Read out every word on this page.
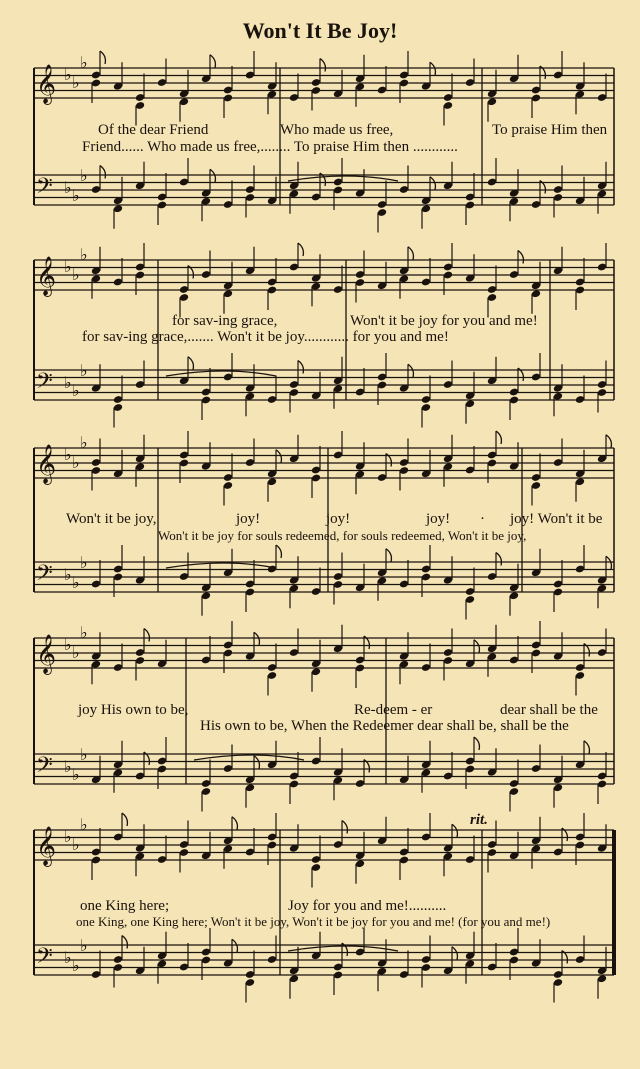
Won't It Be Joy!
𝄞 ♭ ♭
♭
𝄢 ♭ ♭
♭
𝄞 ♭ ♭
♭
𝄢 ♭ ♭
♭
𝄞 ♭ ♭
♭
𝄢 ♭ ♭
♭
𝄞 ♭ ♭
♭
𝄢 ♭ ♭
♭
𝄞 ♭ ♭
♭
𝄢 ♭ ♭
♭
rit.
Of the dear Friend	Who made us free,	To praise Him then
Friend...... Who made us free,........ To praise Him then ............
for sav-ing grace,	Won't it be joy for you and me!
for sav-ing grace,....... Won't it be joy............ for you and me!
Won't it be joy,	joy!	joy!	joy! · joy! Won't it be
Won't it be joy for souls redeemed, for souls redeemed, Won't it be joy,
joy His own to be,	Re-deem - er	dear shall be the
His own to be, When the Redeemer dear shall be, shall be the
one King here;	Joy for you and me!..........
one King, one King here; Won't it be joy, Won't it be joy for you and me! (for you and me!)
